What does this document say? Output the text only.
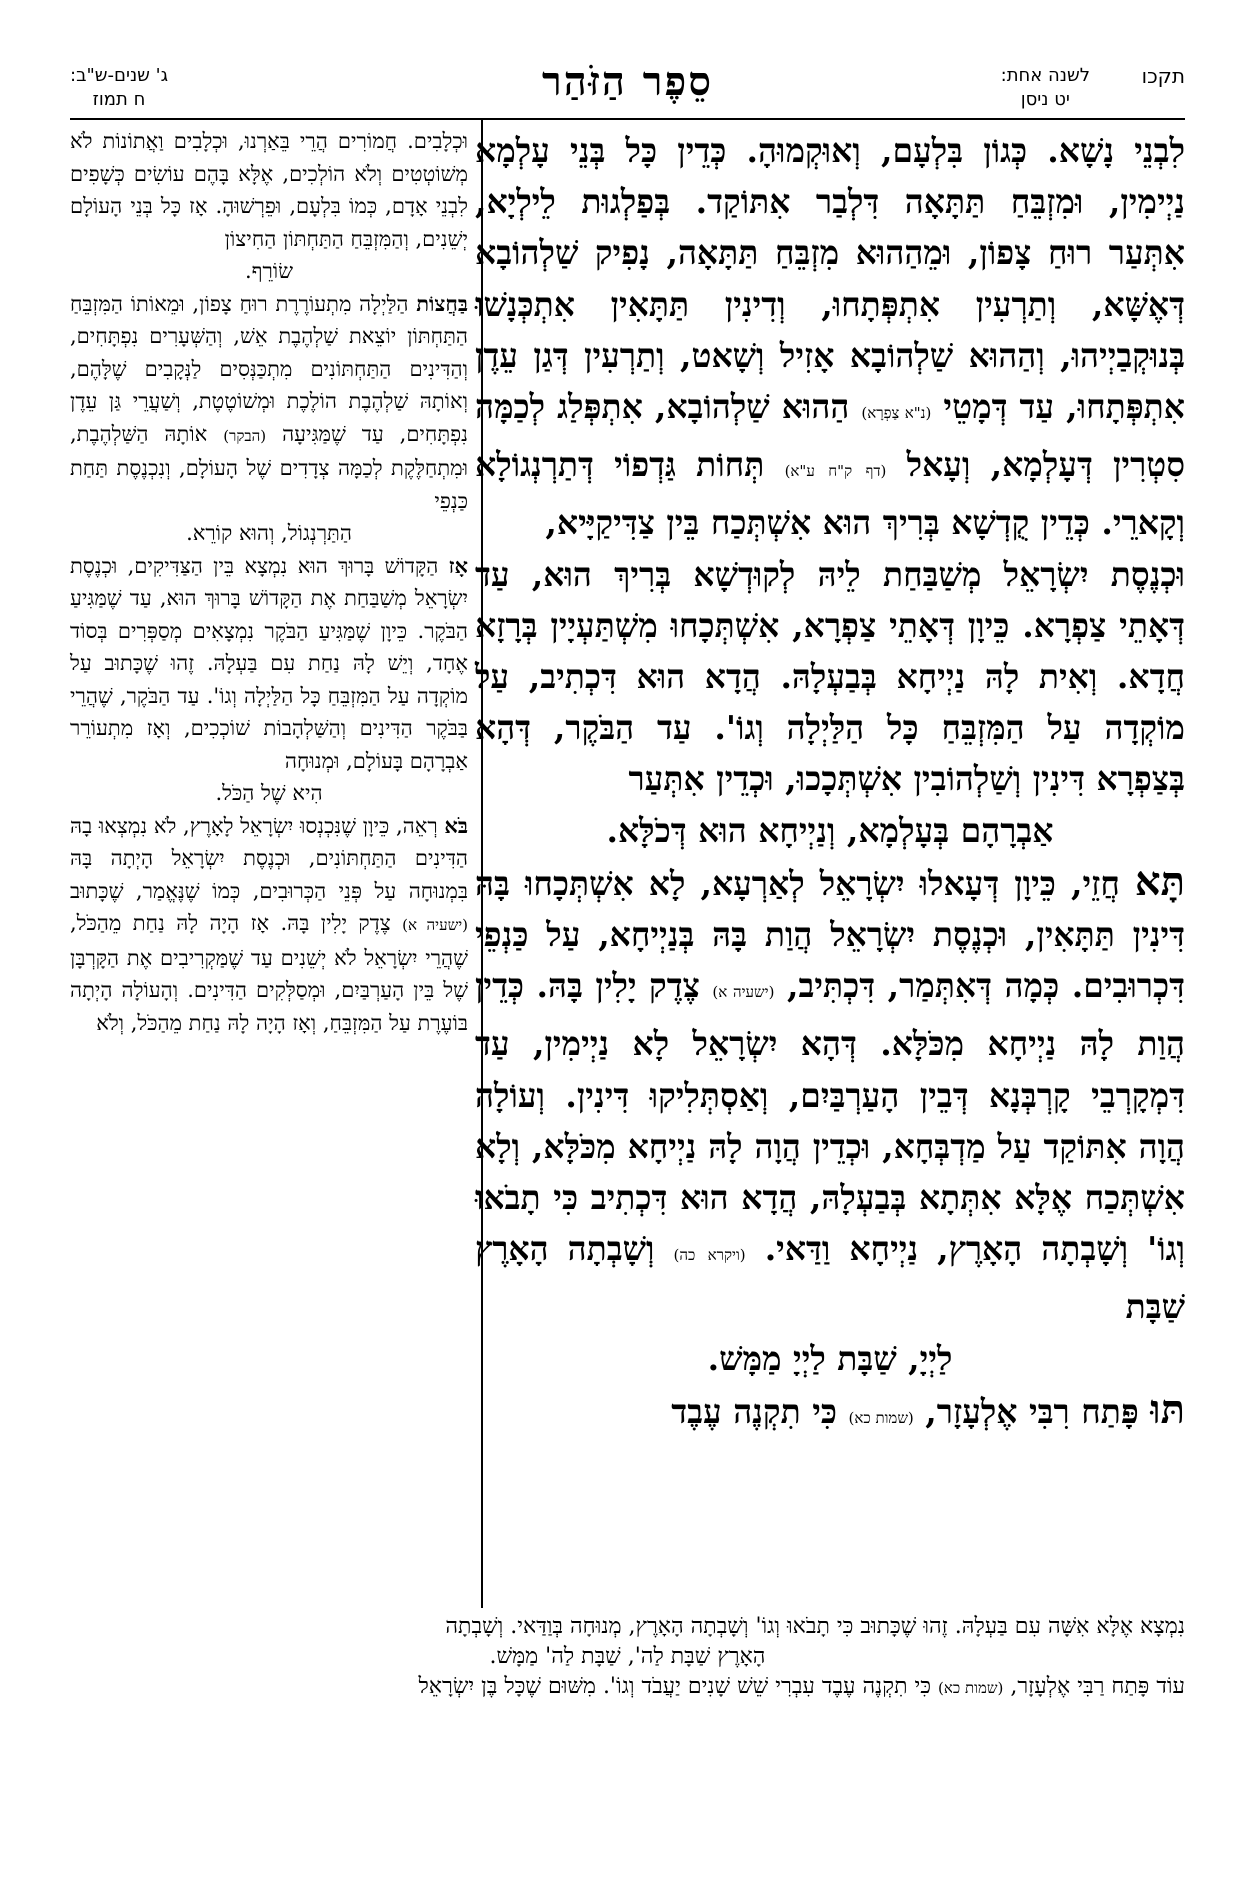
תקכו
לשנה אחת:
יט ניסן
סֵפֶר הַזֹּהַר
ג' שנים-ש"ב:
ח תמוז

לִבְנֵי נָשָׁא. כְּגוֹן בִּלְעָם, וְאוּקְמוּהָ. כְּדֵין כָּל בְּנֵי עָלְמָא נַיְימִין, וּמִזְבֵּחַ תַּתָּאָה דִּלְבַר אִתּוֹקַד. בְּפַלְגוּת לֵילְיָא, אִתְּעַר רוּחַ צָפוֹן, וּמֵהַהוּא מִזְבֵּחַ תַּתָּאָה, נָפִיק שַׁלְהוֹבָא דְּאֶשָּׁא, וְתַרְעִין אִתְפְּתָחוּ, וְדִינִין תַּתָּאִין אִתְכְּנָשׁוּ בְּנוּקְבַיְיהוּ, וְהַהוּא שַׁלְהוֹבָא אָזִיל וְשָׁאט, וְתַרְעִין דְּגַן עֵדֶן אִתְפְּתָחוּ, עַד דְּמָטֵי (נ"א צַפְרָא) הַהוּא שַׁלְהוֹבָא, אִתְפְּלַג לְכַמָּה סִטְרִין דְּעָלְמָא, וְעָאל (דף ק"ח ע"א) תְּחוֹת גַּדְפוֹי דְּתַרְנְגוֹלָא וְקָארֵי. כְּדֵין קֻדְשָׁא בְּרִיךְ הוּא אִשְׁתְּכַח בֵּין צַדִּיקַיָּיא,

וּכְנֶסֶת יִשְׂרָאֵל מְשַׁבַּחַת לֵיהּ לְקוּדְשָׁא בְּרִיךְ הוּא, עַד דְּאָתֵי צַפְרָא. כֵּיוָן דְּאָתֵי צַפְרָא, אִשְׁתְּכָחוּ מִשְׁתַּעְיָין בְּרָזָא חֲדָא. וְאִית לָהּ נַיְיחָא בְּבַעְלָהּ. הֲדָא הוּא דִּכְתִיב, עַל מוֹקְדָה עַל הַמִּזְבֵּחַ כָּל הַלַּיְלָה וְגוֹ'. עַד הַבֹּקֶר, דְּהָא בְּצַפְרָא דִּינִין וְשַׁלְהוֹבִין אִשְׁתְּכָכוּ, וּכְדֵין אִתְּעַר

אַבְרָהָם בְּעָלְמָא, וְנַיְיחָא הוּא דְּכֹלָּא.

תָּא חֲזֵי, כֵּיוָן דְּעָאלוּ יִשְׂרָאֵל לְאַרְעָא, לָא אִשְׁתְּכָחוּ בָּהּ דִּינִין תַּתָּאִין, וּכְנֶסֶת יִשְׂרָאֵל הֲוַת בָּהּ בְּנַיְיחָא, עַל כַּנְפֵי דִּכְרוּבִים. כְּמָה דְּאִתְּמַר, דִּכְתִּיב, (ישעיה א) צֶדֶק יָלִין בָּהּ. כְּדֵין הֲוַת לָהּ נַיְיחָא מִכֹּלָּא. דְּהָא יִשְׂרָאֵל לָא נַיְימִין, עַד דִּמְקָרְבֵי קָרְבְּנָא דְּבֵין הָעַרְבַּיִם, וְאַסְתְּלִיקוּ דִּינִין. וְעוֹלָה הֲוָה אִתּוֹקַד עַל מַדְבְּחָא, וּכְדֵין הֲוָה לָהּ נַיְיחָא מִכֹּלָּא, וְלָא אִשְׁתְּכַח אֶלָּא אִתְּתָא בְּבַעְלָהּ, הֲדָא הוּא דִּכְתִיב כִּי תָבֹאוּ וְגוֹ' וְשָׁבְתָה הָאָרֶץ, נַיְיחָא וַדַּאי. (ויקרא כה) וְשָׁבְתָה הָאָרֶץ שַׁבָּת

לַיְיָ, שַׁבָּת לַיְיָ מַמָּשׁ.

תּוּ פָּתַח רִבִּי אֶלְעָזָר, (שמות כא) כִּי תִקְנֶה עֶבֶד

וּכְלָבִים. חֲמוֹרִים הֲרֵי בֵּאַרְנוּ, וּכְלָבִים וַאֲתוֹנוֹת לֹא מְשׁוֹטְטִים וְלֹא הוֹלְכִים, אֶלָּא בָּהֶם עוֹשִׂים כְּשָׁפִים לִבְנֵי אָדָם, כְּמוֹ בִּלְעָם, וּפֵרְשׁוּהָ. אָז כָּל בְּנֵי הָעוֹלָם יְשֵׁנִים, וְהַמִּזְבֵּחַ הַתַּחְתּוֹן הַחִיצוֹן

שׂוֹרֵף.

בַּחֲצוֹת הַלַּיְלָה מִתְעוֹרֶרֶת רוּחַ צָפוֹן, וּמֵאוֹתוֹ הַמִּזְבֵּחַ הַתַּחְתּוֹן יוֹצֵאת שַׁלְהֶבֶת אֵשׁ, וְהַשְּׁעָרִים נִפְתָּחִים, וְהַדִּינִים הַתַּחְתּוֹנִים מִתְכַּנְּסִים לַנְּקָבִים שֶׁלָּהֶם, וְאוֹתָהּ שַׁלְהֶבֶת הוֹלֶכֶת וּמְשׁוֹטֶטֶת, וְשַׁעֲרֵי גַּן עֵדֶן נִפְתָּחִים, עַד שֶׁמַּגִּיעָה (הבקר) אוֹתָהּ הַשַּׁלְהֶבֶת, וּמִתְחַלֶּקֶת לְכַמָּה צְדָדִים שֶׁל הָעוֹלָם, וְנִכְנֶסֶת תַּחַת כַּנְפֵי

הַתַּרְנְגוֹל, וְהוּא קוֹרֵא.

אָז הַקָּדוֹשׁ בָּרוּךְ הוּא נִמְצָא בֵּין הַצַּדִּיקִים, וּכְנֶסֶת יִשְׂרָאֵל מְשַׁבַּחַת אֶת הַקָּדוֹשׁ בָּרוּךְ הוּא, עַד שֶׁמַּגִּיעַ הַבֹּקֶר. כֵּיוָן שֶׁמַּגִּיעַ הַבֹּקֶר נִמְצָאִים מְסַפְּרִים בְּסוֹד אֶחָד, וְיֵשׁ לָהּ נַחַת עִם בַּעְלָהּ. זֶהוּ שֶׁכָּתוּב עַל מוֹקְדָה עַל הַמִּזְבֵּחַ כָּל הַלַּיְלָה וְגוֹ'. עַד הַבֹּקֶר, שֶׁהֲרֵי בַּבֹּקֶר הַדִּינִים וְהַשַּׁלְהָבוֹת שׁוֹכְכִים, וְאָז מִתְעוֹרֵר אַבְרָהָם בָּעוֹלָם, וּמְנוּחָה

הִיא שֶׁל הַכֹּל.

בֹּא רְאֵה, כֵּיוָן שֶׁנִּכְנְסוּ יִשְׂרָאֵל לָאָרֶץ, לֹא נִמְצְאוּ בָהּ הַדִּינִים הַתַּחְתּוֹנִים, וּכְנֶסֶת יִשְׂרָאֵל הָיְתָה בָּהּ בִּמְנוּחָה עַל פְּנֵי הַכְּרוּבִים, כְּמוֹ שֶׁנֶּאֱמַר, שֶׁכָּתוּב (ישעיה א) צֶדֶק יָלִין בָּהּ. אָז הָיָה לָהּ נַחַת מֵהַכֹּל, שֶׁהֲרֵי יִשְׂרָאֵל לֹא יְשֵׁנִים עַד שֶׁמַּקְרִיבִים אֶת הַקָּרְבָּן שֶׁל בֵּין הָעַרְבַּיִם, וּמְסַלְּקִים הַדִּינִים. וְהָעוֹלָה הָיְתָה בּוֹעֶרֶת עַל הַמִּזְבֵּחַ, וְאָז הָיָה לָהּ נַחַת מֵהַכֹּל, וְלֹא

נִמְצָא אֶלָּא אִשָּׁה עִם בַּעְלָהּ. זֶהוּ שֶׁכָּתוּב כִּי תָבֹאוּ וְגוֹ' וְשָׁבְתָה הָאָרֶץ, מְנוּחָה בְּוַדַּאי. וְשָׁבְתָה

הָאָרֶץ שַׁבָּת לַה', שַׁבָּת לַה' מַמָּשׁ.

עוֹד פָּתַח רַבִּי אֶלְעָזָר, (שמות כא) כִּי תִקְנֶה עֶבֶד עִבְרִי שֵׁשׁ שָׁנִים יַעֲבֹד וְגוֹ'. מִשּׁוּם שֶׁכָּל בֶּן יִשְׂרָאֵל
